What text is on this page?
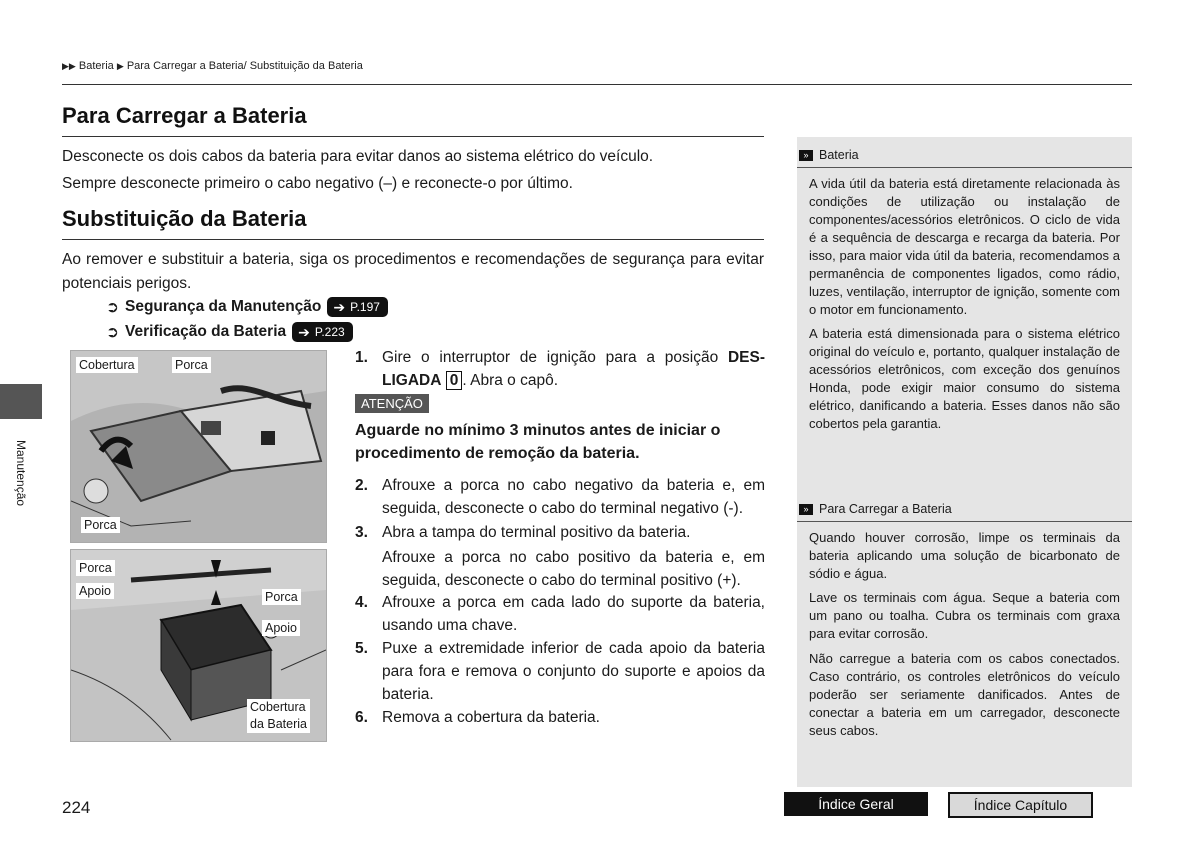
▶▶ Bateria ▶ Para Carregar a Bateria/ Substituição da Bateria
Para Carregar a Bateria
Desconecte os dois cabos da bateria para evitar danos ao sistema elétrico do veículo.
Sempre desconecte primeiro o cabo negativo (–) e reconecte-o por último.
Substituição da Bateria
Ao remover e substituir a bateria, siga os procedimentos e recomendações de segurança para evitar potenciais perigos.
➲ Segurança da Manutenção ➔ P.197
➲ Verificação da Bateria ➔ P.223
Cobertura	Porca
Porca
Porca
Apoio	Porca
Apoio
Cobertura
da Bateria
1. Gire o interruptor de ignição para a posição DES-LIGADA 0 . Abra o capô.
ATENÇÃO
Aguarde no mínimo 3 minutos antes de iniciar o procedimento de remoção da bateria.
2. Afrouxe a porca no cabo negativo da bateria e, em seguida, desconecte o cabo do terminal negativo (-).
3. Abra a tampa do terminal positivo da bateria.
Afrouxe a porca no cabo positivo da bateria e, em seguida, desconecte o cabo do terminal positivo (+).
4. Afrouxe a porca em cada lado do suporte da bateria, usando uma chave.
5. Puxe a extremidade inferior de cada apoio da bateria para fora e remova o conjunto do suporte e apoios da bateria.
6. Remova a cobertura da bateria.
» Bateria
A vida útil da bateria está diretamente relacionada às condições de utilização ou instalação de componentes/acessórios eletrônicos. O ciclo de vida é a sequência de descarga e recarga da bateria. Por isso, para maior vida útil da bateria, recomendamos a permanência de componentes ligados, como rádio, luzes, ventilação, interruptor de ignição, somente com o motor em funcionamento.
A bateria está dimensionada para o sistema elétrico original do veículo e, portanto, qualquer instalação de acessórios eletrônicos, com exceção dos genuínos Honda, pode exigir maior consumo do sistema elétrico, danificando a bateria. Esses danos não são cobertos pela garantia.
» Para Carregar a Bateria
Quando houver corrosão, limpe os terminais da bateria aplicando uma solução de bicarbonato de sódio e água.
Lave os terminais com água. Seque a bateria com um pano ou toalha. Cubra os terminais com graxa para evitar corrosão.
Não carregue a bateria com os cabos conectados. Caso contrário, os controles eletrônicos do veículo poderão ser seriamente danificados. Antes de conectar a bateria em um carregador, desconecte seus cabos.
Manutenção
224	Índice Geral	Índice Capítulo
